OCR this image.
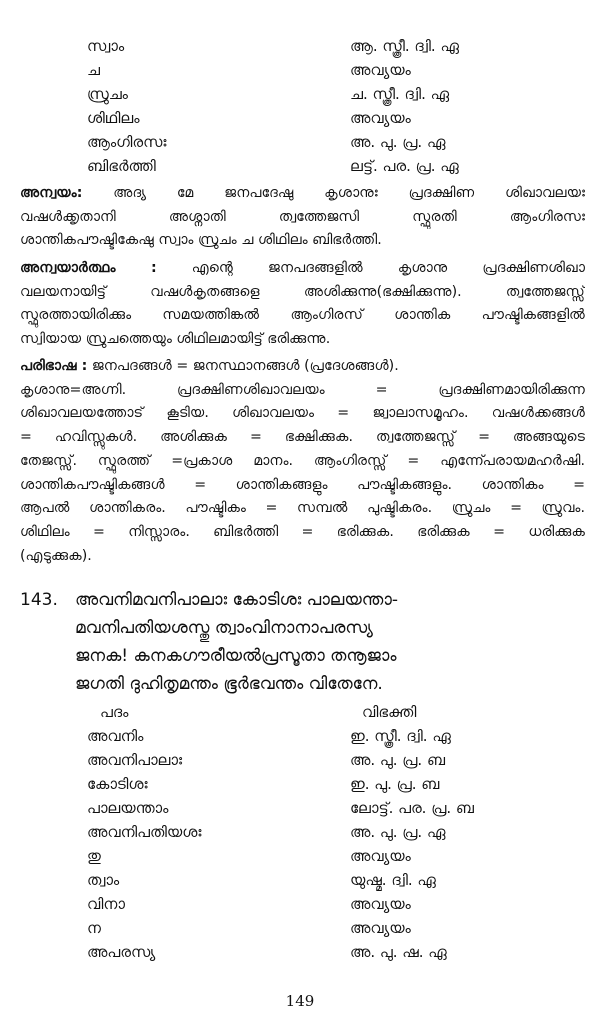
സ്വാം	ആ. സ്ത്രീ. ദ്വി. ഏ
ച	അവ്യയം
സ്രുചം	ച. സ്ത്രീ. ദ്വി. ഏ
ശിഥിലം	അവ്യയം
ആംഗിരസഃ	അ. പു. പ്ര. ഏ
ബിഭർത്തി	ലട്ട്. പര. പ്ര. ഏ
അന്വയം: അദ്യ മേ ജനപദേഷു കൃശാനുഃ പ്രദക്ഷിണ ശിഖാവലയഃ
വഷൾക്കൃതാനി അശ്നാതി ത്വത്തേജസി സ്ഫുരതി ആംഗിരസഃ
ശാന്തികപൗഷ്ടികേഷു സ്വാം സ്രുചം ച ശിഥിലം ബിഭർത്തി.
അന്വയാർത്ഥം : എന്റെ ജനപദങ്ങളിൽ കൃശാനു പ്രദക്ഷിണശിഖാ
വലയനായിട്ട് വഷൾകൃതങ്ങളെ അശിക്കുന്നു(ഭക്ഷിക്കുന്നു). ത്വത്തേജസ്സ്
സ്ഫുരത്തായിരിക്കും സമയത്തിങ്കൽ ആംഗിരസ് ശാന്തിക പൗഷ്ടികങ്ങളിൽ
സ്വിയായ സ്രുചത്തെയും ശിഥിലമായിട്ട് ഭരിക്കുന്നു.
പരിഭാഷ : ജനപദങ്ങൾ = ജനസ്ഥാനങ്ങൾ (പ്രദേശങ്ങൾ).
കൃശാനു=അഗ്നി. പ്രദക്ഷിണശിഖാവലയം = പ്രദക്ഷിണമായിരിക്കുന്ന
ശിഖാവലയത്തോട് കൂടിയ. ശിഖാവലയം = ജ്വാലാസമൂഹം. വഷൾക്കങ്ങൾ
= ഹവിസ്സുകൾ. അശിക്കുക = ഭക്ഷിക്കുക. ത്വത്തേജസ്സ് = അങ്ങയുടെ
തേജസ്സ്. സ്ഫുരത്ത് =പ്രകാശ മാനം. ആംഗിരസ്സ് = എന്ന്പേരായമഹർഷി.
ശാന്തികപൗഷ്ടികങ്ങൾ = ശാന്തികങ്ങളും പൗഷ്ടികങ്ങളും. ശാന്തികം =
ആപൽ ശാന്തികരം. പൗഷ്ടികം = സമ്പൽ പുഷ്ടികരം. സ്രുചം = സ്രുവം.
ശിഥിലം = നിസ്സാരം. ബിഭർത്തി = ഭരിക്കുക. ഭരിക്കുക = ധരിക്കുക
(എടുക്കുക).
143. അവനിമവനിപാലാഃ കോടിശഃ പാലയന്താ-
മവനിപതിയശസ്തു ത്വാംവിനാനാപരസ്യ
ജനക! കനകഗൗരീയൽപ്രസൂതാ തനൂജാം
ജഗതി ദുഹിതൃമന്തം ഭൂർഭവന്തം വിതേനേ.
പദം	വിഭക്തി
അവനിം	ഇ. സ്ത്രീ. ദ്വി. ഏ
അവനിപാലാഃ	അ. പു. പ്ര. ബ
കോടിശഃ	ഇ. പു. പ്ര. ബ
പാലയന്താം	ലോട്ട്. പര. പ്ര. ബ
അവനിപതിയശഃ	അ. പു. പ്ര. ഏ
തു	അവ്യയം
ത്വാം	യുഷ്മ. ദ്വി. ഏ
വിനാ	അവ്യയം
ന	അവ്യയം
അപരസ്യ	അ. പു. ഷ. ഏ
149
